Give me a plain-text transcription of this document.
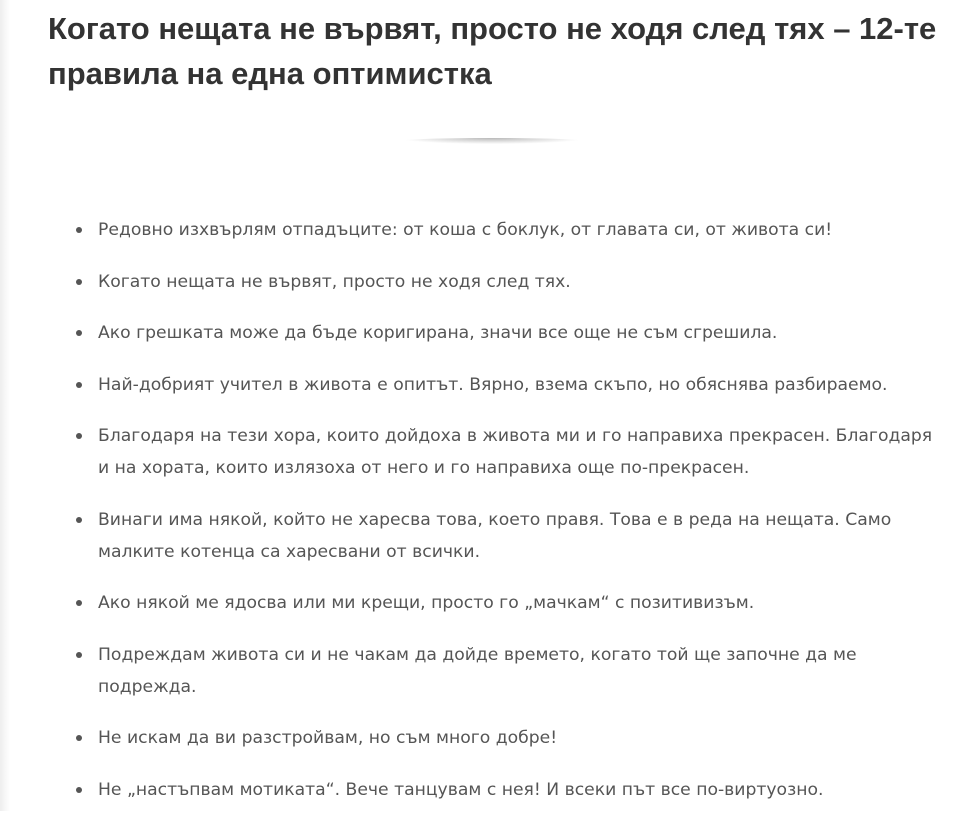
Когато нещата не вървят, просто не ходя след тях – 12-те правила на една оптимистка
Редовно изхвърлям отпадъците: от коша с боклук, от главата си, от живота си!
Когато нещата не вървят, просто не ходя след тях.
Ако грешката може да бъде коригирана, значи все още не съм сгрешила.
Най-добрият учител в живота е опитът. Вярно, взема скъпо, но обяснява разбираемо.
Благодаря на тези хора, които дойдоха в живота ми и го направиха прекрасен. Благодаря и на хората, които излязоха от него и го направиха още по-прекрасен.
Винаги има някой, който не харесва това, което правя. Това е в реда на нещата. Само малките котенца са харесвани от всички.
Ако някой ме ядосва или ми крещи, просто го „мачкам“ с позитивизъм.
Подреждам живота си и не чакам да дойде времето, когато той ще започне да ме подрежда.
Не искам да ви разстройвам, но съм много добре!
Не „настъпвам мотиката“. Вече танцувам с нея! И всеки път все по-виртуозно.
